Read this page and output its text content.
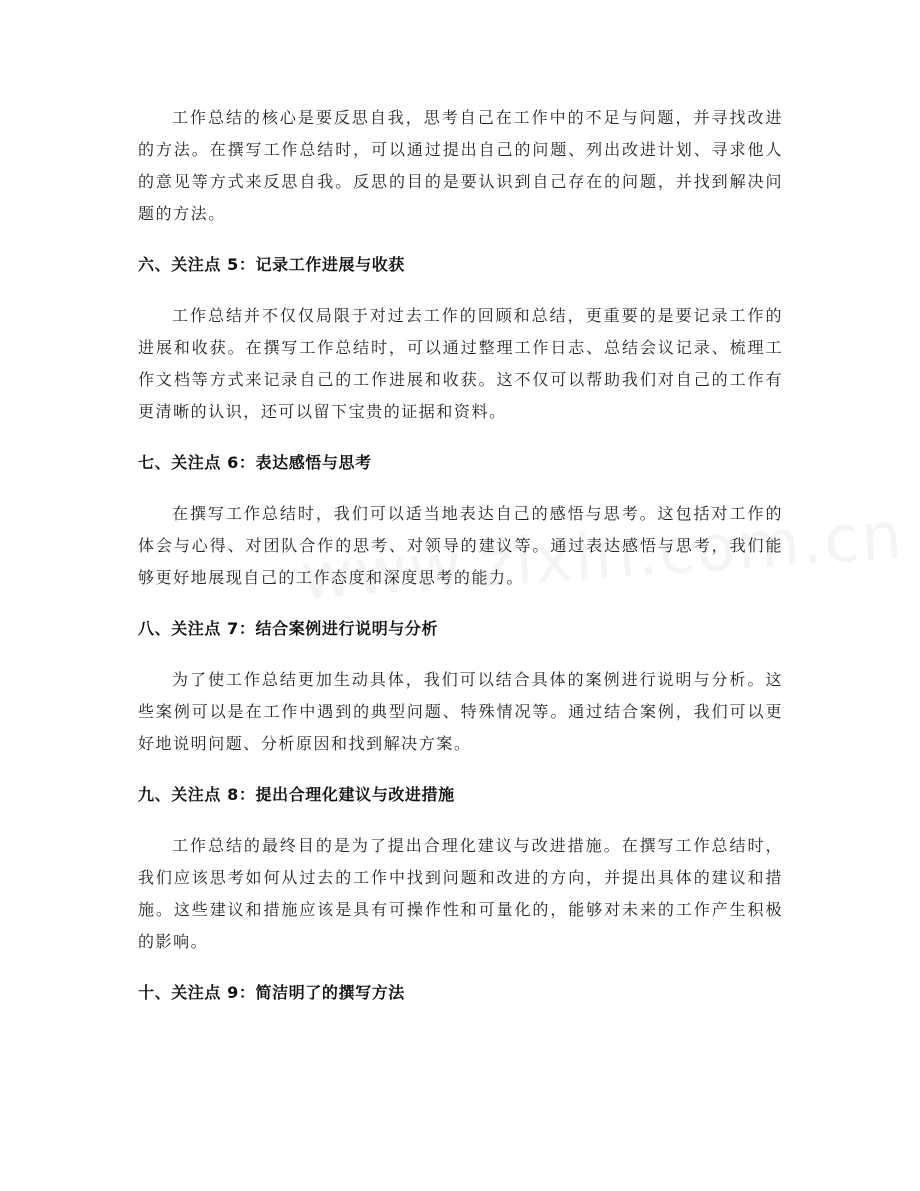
工作总结的核心是要反思自我，思考自己在工作中的不足与问题，并寻找改进的方法。在撰写工作总结时，可以通过提出自己的问题、列出改进计划、寻求他人的意见等方式来反思自我。反思的目的是要认识到自己存在的问题，并找到解决问题的方法。

六、关注点 5：记录工作进展与收获

工作总结并不仅仅局限于对过去工作的回顾和总结，更重要的是要记录工作的进展和收获。在撰写工作总结时，可以通过整理工作日志、总结会议记录、梳理工作文档等方式来记录自己的工作进展和收获。这不仅可以帮助我们对自己的工作有更清晰的认识，还可以留下宝贵的证据和资料。

七、关注点 6：表达感悟与思考

在撰写工作总结时，我们可以适当地表达自己的感悟与思考。这包括对工作的体会与心得、对团队合作的思考、对领导的建议等。通过表达感悟与思考，我们能够更好地展现自己的工作态度和深度思考的能力。

八、关注点 7：结合案例进行说明与分析

为了使工作总结更加生动具体，我们可以结合具体的案例进行说明与分析。这些案例可以是在工作中遇到的典型问题、特殊情况等。通过结合案例，我们可以更好地说明问题、分析原因和找到解决方案。

九、关注点 8：提出合理化建议与改进措施

工作总结的最终目的是为了提出合理化建议与改进措施。在撰写工作总结时，我们应该思考如何从过去的工作中找到问题和改进的方向，并提出具体的建议和措施。这些建议和措施应该是具有可操作性和可量化的，能够对未来的工作产生积极的影响。

十、关注点 9：简洁明了的撰写方法
